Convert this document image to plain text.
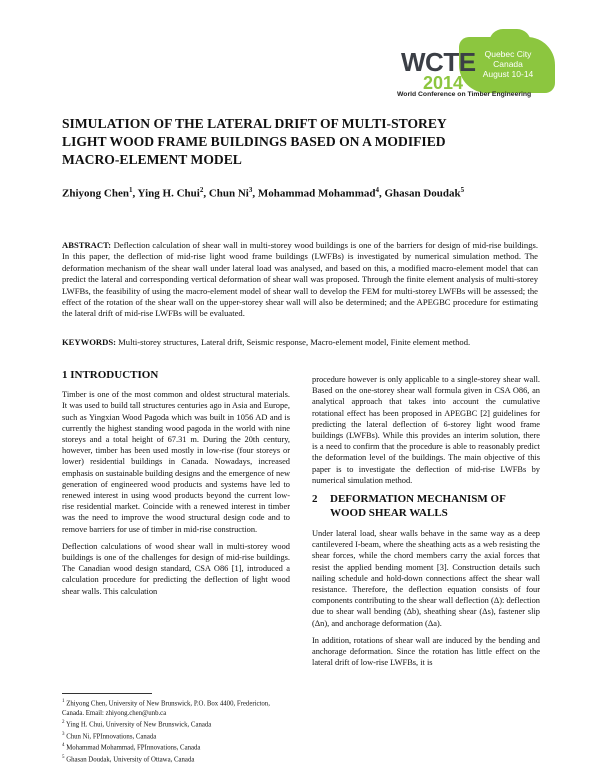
Quebec City
Canada
August 10-14
WCTE
2014
World Conference on Timber Engineering
SIMULATION OF THE LATERAL DRIFT OF MULTI-STOREY LIGHT WOOD FRAME BUILDINGS BASED ON A MODIFIED MACRO-ELEMENT MODEL
Zhiyong Chen$^1$, Ying H. Chui$^2$, Chun Ni$^3$, Mohammad Mohammad$^4$, Ghasan Doudak$^5$
ABSTRACT: Deflection calculation of shear wall in multi-storey wood buildings is one of the barriers for design of mid-rise buildings. In this paper, the deflection of mid-rise light wood frame buildings (LWFBs) is investigated by numerical simulation method. The deformation mechanism of the shear wall under lateral load was analysed, and based on this, a modified macro-element model that can predict the lateral and corresponding vertical deformation of shear wall was proposed. Through the finite element analysis of multi-storey LWFBs, the feasibility of using the macro-element model of shear wall to develop the FEM for multi-storey LWFBs will be assessed; the effect of the rotation of the shear wall on the upper-storey shear wall will also be determined; and the APEGBC procedure for estimating the lateral drift of mid-rise LWFBs will be evaluated.
KEYWORDS: Multi-storey structures, Lateral drift, Seismic response, Macro-element model, Finite element method.
1 INTRODUCTION

Timber is one of the most common and oldest structural materials. It was used to build tall structures centuries ago in Asia and Europe, such as Yingxian Wood Pagoda which was built in 1056 AD and is currently the highest standing wood pagoda in the world with nine storeys and a total height of 67.31 m. During the 20th century, however, timber has been used mostly in low-rise (four storeys or lower) residential buildings in Canada. Nowadays, increased emphasis on sustainable building designs and the emergence of new generation of engineered wood products and systems have led to renewed interest in using wood products beyond the current low-rise residential market. Coincide with a renewed interest in timber was the need to improve the wood structural design code and to remove barriers for use of timber in mid-rise construction.

Deflection calculations of wood shear wall in multi-storey wood buildings is one of the challenges for design of mid-rise buildings. The Canadian wood design standard, CSA O86 [1], introduced a calculation procedure for predicting the deflection of light wood shear walls. This calculation

$^1$ Zhiyong Chen, University of New Brunswick, P.O. Box 4400, Fredericton, Canada. Email: zhiyong.chen@unb.ca
$^2$ Ying H. Chui, University of New Brunswick, Canada
$^3$ Chun Ni, FPInnovations, Canada
$^4$ Mohammad Mohammad, FPInnovations, Canada
$^5$ Ghasan Doudak, University of Ottawa, Canada

procedure however is only applicable to a single-storey shear wall. Based on the one-storey shear wall formula given in CSA O86, an analytical approach that takes into account the cumulative rotational effect has been proposed in APEGBC [2] guidelines for predicting the lateral deflection of 6-storey light wood frame buildings (LWFBs). While this provides an interim solution, there is a need to confirm that the procedure is able to reasonably predict the deformation level of the buildings. The main objective of this paper is to investigate the deflection of mid-rise LWFBs by numerical simulation method.

2 DEFORMATION MECHANISM OF
WOOD SHEAR WALLS

Under lateral load, shear walls behave in the same way as a deep cantilevered I-beam, where the sheathing acts as a web resisting the shear forces, while the chord members carry the axial forces that resist the applied bending moment [3]. Construction details such nailing schedule and hold-down connections affect the shear wall resistance. Therefore, the deflection equation consists of four components contributing to the shear wall deflection (Δ): deflection due to shear wall bending (Δb), sheathing shear (Δs), fastener slip (Δn), and anchorage deformation (Δa).

In addition, rotations of shear wall are induced by the bending and anchorage deformation. Since the rotation has little effect on the lateral drift of low-rise LWFBs, it is
